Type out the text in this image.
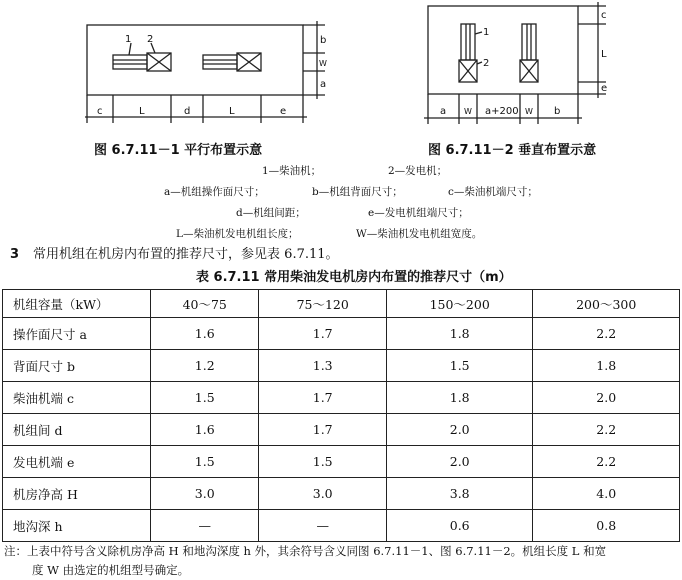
1 2	b
W
a
c	L	d	L	e
图 6.7.11－1 平行布置示意
1
2
c
L
e
a W a+200 W b
图 6.7.11－2 垂直布置示意
1—柴油机；	2—发电机；
a—机组操作面尺寸；	b—机组背面尺寸；	c—柴油机端尺寸；
d—机组间距；	e—发电机组端尺寸；
L—柴油机发电机组长度；	W—柴油机发电机组宽度。
3 常用机组在机房内布置的推荐尺寸，参见表 6.7.11。
表 6.7.11 常用柴油发电机房内布置的推荐尺寸（m）
机组容量（kW）	40～75	75～120	150～200	200～300
操作面尺寸 a	1.6	1.7	1.8	2.2
背面尺寸 b	1.2	1.3	1.5	1.8
柴油机端 c	1.5	1.7	1.8	2.0
机组间 d	1.6	1.7	2.0	2.2
发电机端 e	1.5	1.5	2.0	2.2
机房净高 H	3.0	3.0	3.8	4.0
地沟深 h	—	—	0.6	0.8
注：上表中符号含义除机房净高 H 和地沟深度 h 外，其余符号含义同图 6.7.11－1、图 6.7.11－2。机组长度 L 和宽
度 W 由选定的机组型号确定。
